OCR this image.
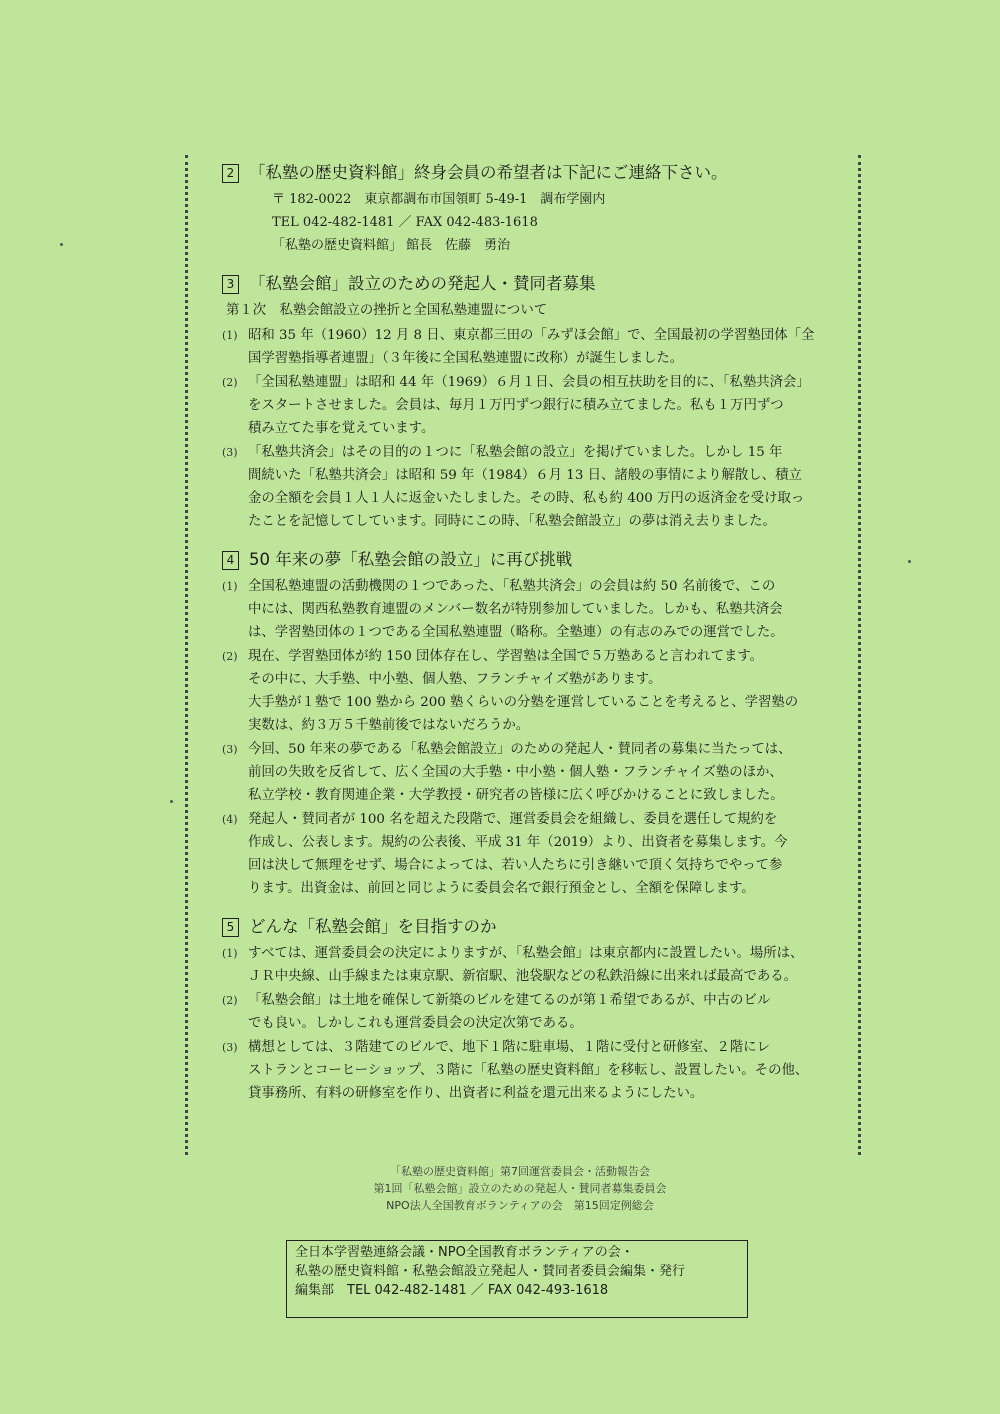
2 「私塾の歴史資料館」終身会員の希望者は下記にご連絡下さい。
〒 182-0022　東京都調布市国領町 5-49-1　調布学園内
TEL 042-482-1481 ／ FAX 042-483-1618
「私塾の歴史資料館」 館長　佐藤　勇治
3 「私塾会館」設立のための発起人・賛同者募集
第１次　私塾会館設立の挫折と全国私塾連盟について
(1) 昭和 35 年（1960）12 月 8 日、東京都三田の「みずほ会館」で、全国最初の学習塾団体「全
国学習塾指導者連盟」（３年後に全国私塾連盟に改称）が誕生しました。
(2) 「全国私塾連盟」は昭和 44 年（1969）６月１日、会員の相互扶助を目的に、「私塾共済会」
をスタートさせました。会員は、毎月１万円ずつ銀行に積み立てました。私も１万円ずつ
積み立てた事を覚えています。
(3) 「私塾共済会」はその目的の１つに「私塾会館の設立」を掲げていました。しかし 15 年
間続いた「私塾共済会」は昭和 59 年（1984）６月 13 日、諸般の事情により解散し、積立
金の全額を会員１人１人に返金いたしました。その時、私も約 400 万円の返済金を受け取っ
たことを記憶してしています。同時にこの時、「私塾会館設立」の夢は消え去りました。
4 50 年来の夢「私塾会館の設立」に再び挑戦
(1) 全国私塾連盟の活動機関の１つであった、「私塾共済会」の会員は約 50 名前後で、この
中には、関西私塾教育連盟のメンバー数名が特別参加していました。しかも、私塾共済会
は、学習塾団体の１つである全国私塾連盟（略称。全塾連）の有志のみでの運営でした。
(2) 現在、学習塾団体が約 150 団体存在し、学習塾は全国で５万塾あると言われてます。
その中に、大手塾、中小塾、個人塾、フランチャイズ塾があります。
大手塾が１塾で 100 塾から 200 塾くらいの分塾を運営していることを考えると、学習塾の
実数は、約３万５千塾前後ではないだろうか。
(3) 今回、50 年来の夢である「私塾会館設立」のための発起人・賛同者の募集に当たっては、
前回の失敗を反省して、広く全国の大手塾・中小塾・個人塾・フランチャイズ塾のほか、
私立学校・教育関連企業・大学教授・研究者の皆様に広く呼びかけることに致しました。
(4) 発起人・賛同者が 100 名を超えた段階で、運営委員会を組織し、委員を選任して規約を
作成し、公表します。規約の公表後、平成 31 年（2019）より、出資者を募集します。今
回は決して無理をせず、場合によっては、若い人たちに引き継いで頂く気持ちでやって参
ります。出資金は、前回と同じように委員会名で銀行預金とし、全額を保障します。
5 どんな「私塾会館」を目指すのか
(1) すべては、運営委員会の決定によりますが、「私塾会館」は東京都内に設置したい。場所は、
ＪＲ中央線、山手線または東京駅、新宿駅、池袋駅などの私鉄沿線に出来れば最高である。
(2) 「私塾会館」は土地を確保して新築のビルを建てるのが第１希望であるが、中古のビル
でも良い。しかしこれも運営委員会の決定次第である。
(3) 構想としては、３階建てのビルで、地下１階に駐車場、１階に受付と研修室、２階にレ
ストランとコーヒーショップ、３階に「私塾の歴史資料館」を移転し、設置したい。その他、
貸事務所、有料の研修室を作り、出資者に利益を還元出来るようにしたい。
「私塾の歴史資料館」第7回運営委員会・活動報告会
第1回「私塾会館」設立のための発起人・賛同者募集委員会
NPO法人全国教育ボランティアの会　第15回定例総会
全日本学習塾連絡会議・NPO全国教育ボランティアの会・
私塾の歴史資料館・私塾会館設立発起人・賛同者委員会編集・発行
編集部　TEL 042-482-1481 ／ FAX 042-493-1618
